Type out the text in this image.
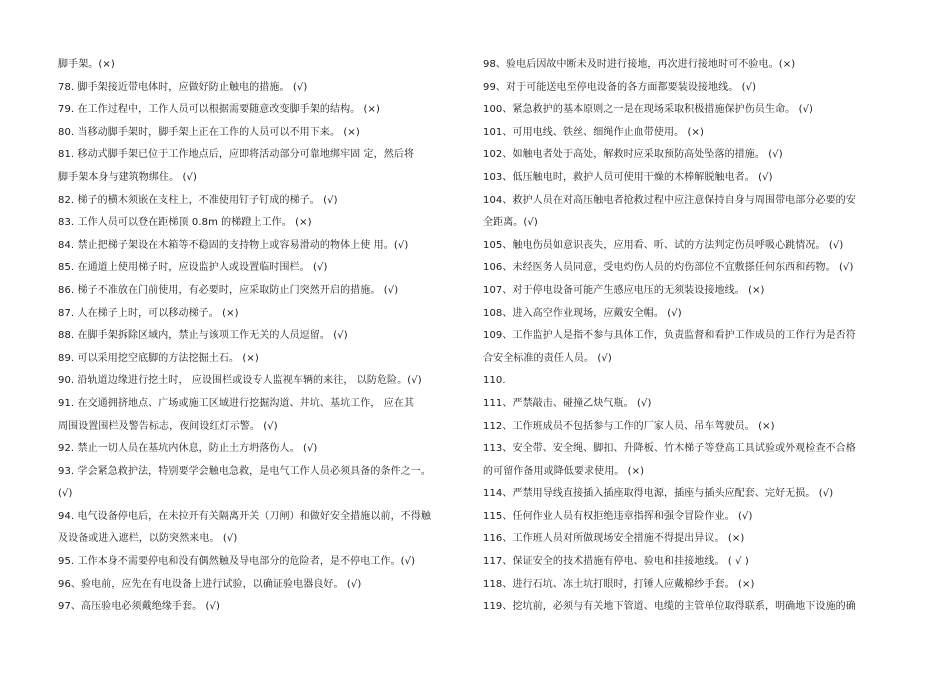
脚手架。(×)
78. 脚手架接近带电体时，应做好防止触电的措施。 (√)
79. 在工作过程中，工作人员可以根据需要随意改变脚手架的结构。 (×)
80. 当移动脚手架时，脚手架上正在工作的人员可以不用下来。 (×)
81. 移动式脚手架已位于工作地点后，应即将活动部分可靠地绑牢固 定，然后将
脚手架本身与建筑物绑住。 (√)
82. 梯子的横木须嵌在支柱上，不准使用钉子钉成的梯子。 (√)
83. 工作人员可以登在距梯顶 0.8m 的梯蹬上工作。 (×)
84. 禁止把梯子架设在木箱等不稳固的支持物上或容易滑动的物体上使 用。(√)
85. 在通道上使用梯子时，应设监护人或设置临时围栏。 (√)
86. 梯子不准放在门前使用，有必要时，应采取防止门突然开启的措施。 (√)
87. 人在梯子上时，可以移动梯子。 (×)
88. 在脚手架拆除区域内，禁止与该项工作无关的人员逗留。 (√)
89. 可以采用挖空底脚的方法挖掘土石。 (×)
90. 沿轨道边缘进行挖土时， 应设围栏或设专人监视车辆的来往， 以防危险。(√)
91. 在交通拥挤地点、广场或施工区域进行挖掘沟道、井坑、基坑工作， 应在其
周围设置围栏及警告标志，夜间设红灯示警。 (√)
92. 禁止一切人员在基坑内休息，防止土方坍落伤人。 (√)
93. 学会紧急救护法，特别要学会触电急救，是电气工作人员必须具备的条件之一。
(√)
94. 电气设备停电后，在未拉开有关隔离开关（刀闸）和做好安全措施以前，不得触
及设备或进入遮栏，以防突然来电。 (√)
95. 工作本身不需要停电和没有偶然触及导电部分的危险者，是不停电工作。(√)
96、验电前，应先在有电设备上进行试验，以确证验电器良好。 (√)
97、高压验电必须戴绝缘手套。 (√)
98、验电后因故中断未及时进行接地，再次进行接地时可不验电。(×)
99、对于可能送电至停电设备的各方面都要装设接地线。 (√)
100、紧急救护的基本原则之一是在现场采取积极措施保护伤员生命。 (√)
101、可用电线、铁丝、细绳作止血带使用。 (×)
102、如触电者处于高处，解救时应采取预防高处坠落的措施。 (√)
103、低压触电时，救护人员可使用干燥的木棒解脱触电者。 (√)
104、救护人员在对高压触电者抢救过程中应注意保持自身与周围带电部分必要的安
全距离。(√)
105、触电伤员如意识丧失，应用看、听、试的方法判定伤员呼吸心跳情况。 (√)
106、未经医务人员同意，受电灼伤人员的灼伤部位不宜敷搽任何东西和药物。 (√)
107、对于停电设备可能产生感应电压的无须装设接地线。 (×)
108、进入高空作业现场，应戴安全帽。 (√)
109、工作监护人是指不参与具体工作，负责监督和看护工作成员的工作行为是否符
合安全标准的责任人员。 (√)
110.
111、严禁敲击、碰撞乙炔气瓶。 (√)
112、工作班成员不包括参与工作的厂家人员、吊车驾驶员。 (×)
113、安全带、安全绳、脚扣、升降板、竹木梯子等登高工具试验或外观检查不合格
的可留作备用或降低要求使用。 (×)
114、严禁用导线直接插入插座取得电源，插座与插头应配套、完好无损。 (√)
115、任何作业人员有权拒绝违章指挥和强令冒险作业。 (√)
116、工作班人员对所做现场安全措施不得提出异议。 (×)
117、保证安全的技术措施有停电、验电和挂接地线。 ( √ )
118、进行石坑、冻土坑打眼时，打锤人应戴棉纱手套。 (×)
119、挖坑前，必须与有关地下管道、电缆的主管单位取得联系，明确地下设施的确
